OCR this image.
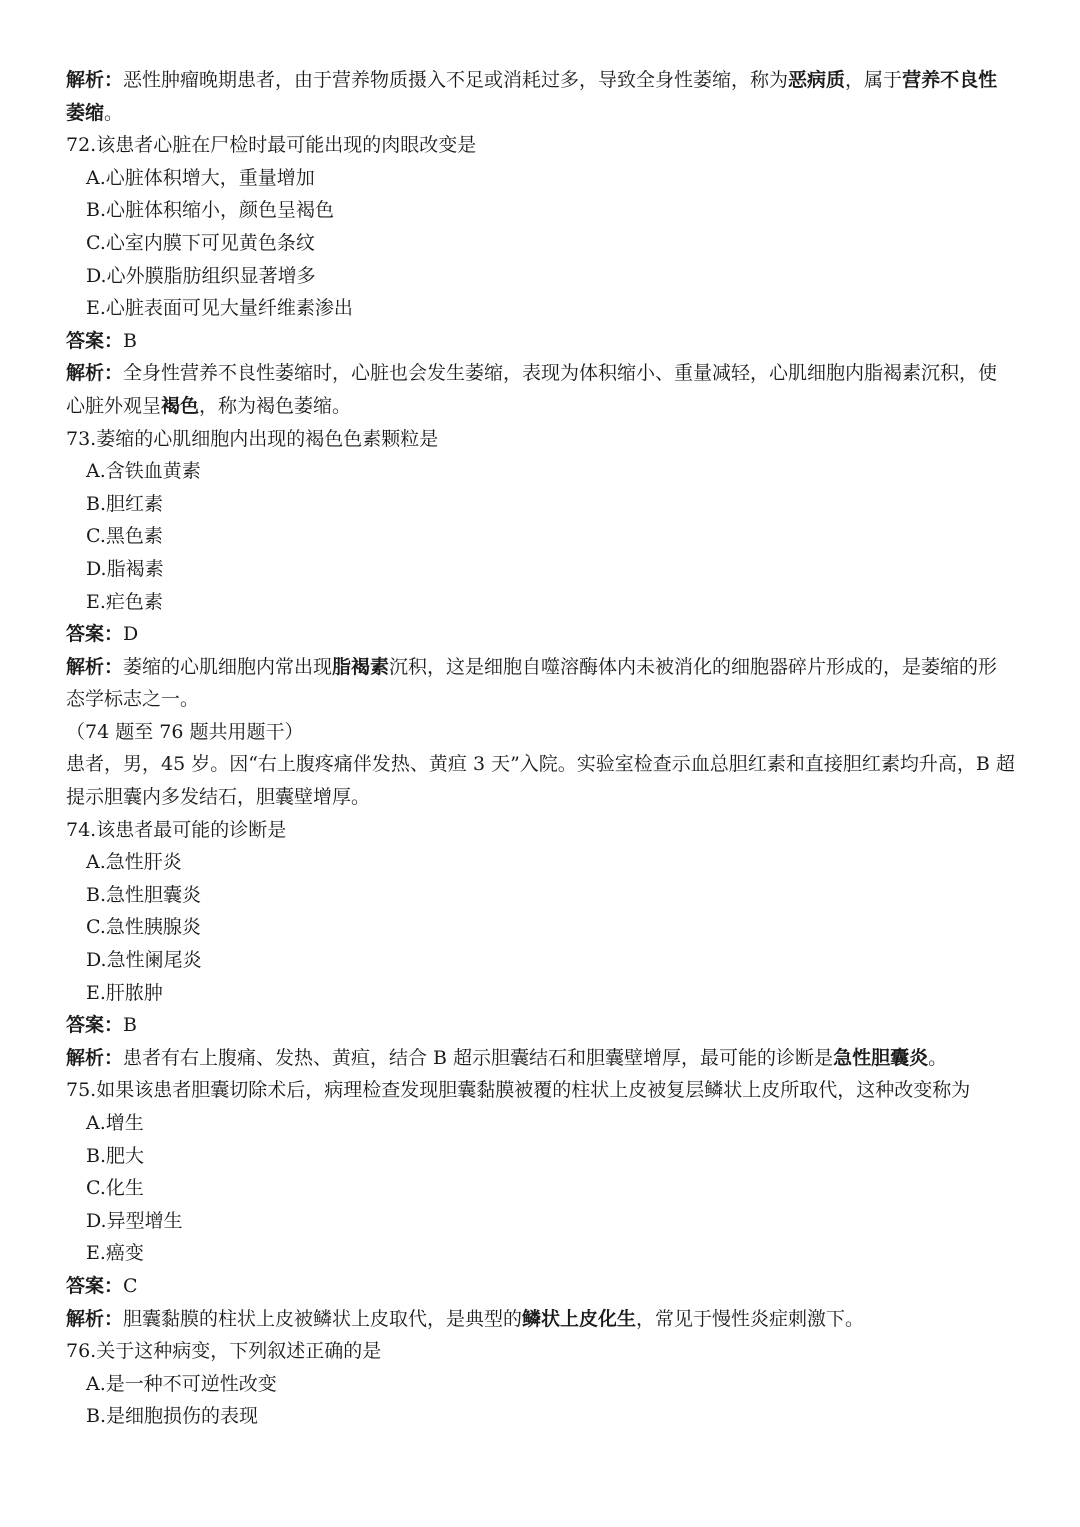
解析：恶性肿瘤晚期患者，由于营养物质摄入不足或消耗过多，导致全身性萎缩，称为恶病质，属于营养不良性萎缩。
72.该患者心脏在尸检时最可能出现的肉眼改变是
A.心脏体积增大，重量增加
B.心脏体积缩小，颜色呈褐色
C.心室内膜下可见黄色条纹
D.心外膜脂肪组织显著增多
E.心脏表面可见大量纤维素渗出
答案：B
解析：全身性营养不良性萎缩时，心脏也会发生萎缩，表现为体积缩小、重量减轻，心肌细胞内脂褐素沉积，使心脏外观呈褐色，称为褐色萎缩。
73.萎缩的心肌细胞内出现的褐色色素颗粒是
A.含铁血黄素
B.胆红素
C.黑色素
D.脂褐素
E.疟色素
答案：D
解析：萎缩的心肌细胞内常出现脂褐素沉积，这是细胞自噬溶酶体内未被消化的细胞器碎片形成的，是萎缩的形态学标志之一。
（74 题至 76 题共用题干）
患者，男，45 岁。因“右上腹疼痛伴发热、黄疸 3 天”入院。实验室检查示血总胆红素和直接胆红素均升高，B 超提示胆囊内多发结石，胆囊壁增厚。
74.该患者最可能的诊断是
A.急性肝炎
B.急性胆囊炎
C.急性胰腺炎
D.急性阑尾炎
E.肝脓肿
答案：B
解析：患者有右上腹痛、发热、黄疸，结合 B 超示胆囊结石和胆囊壁增厚，最可能的诊断是急性胆囊炎。
75.如果该患者胆囊切除术后，病理检查发现胆囊黏膜被覆的柱状上皮被复层鳞状上皮所取代，这种改变称为
A.增生
B.肥大
C.化生
D.异型增生
E.癌变
答案：C
解析：胆囊黏膜的柱状上皮被鳞状上皮取代，是典型的鳞状上皮化生，常见于慢性炎症刺激下。
76.关于这种病变，下列叙述正确的是
A.是一种不可逆性改变
B.是细胞损伤的表现
